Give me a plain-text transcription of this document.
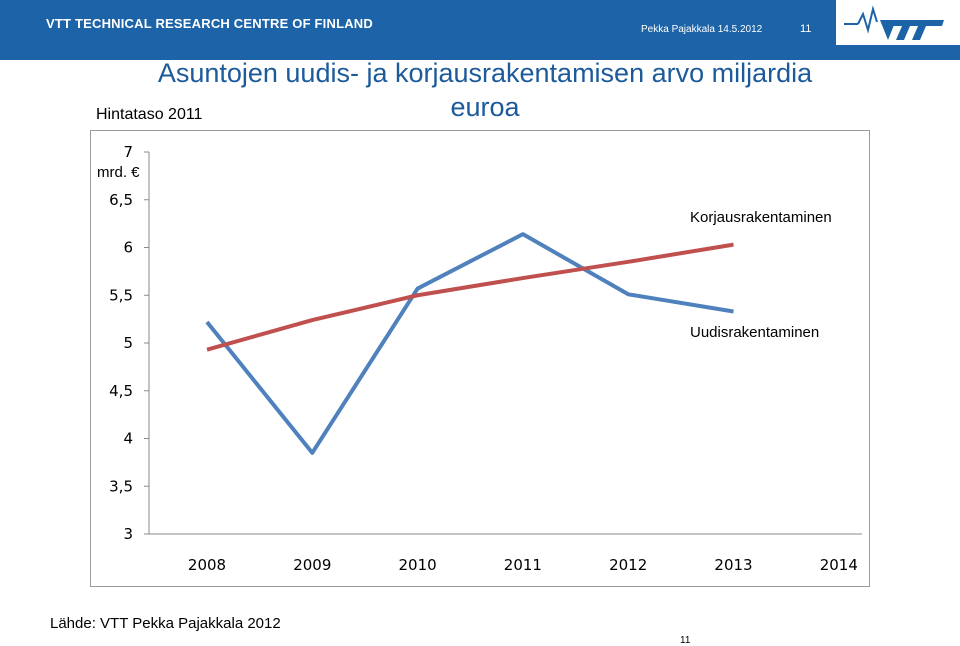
VTT TECHNICAL RESEARCH CENTRE OF FINLAND	Pekka Pajakkala 14.5.2012	11
Asuntojen uudis- ja korjausrakentamisen arvo miljardia euroa
Hintataso 2011
3
3,5
4
4,5
5
5,5
6
6,5
7
2008	2009	2010	2011	2012	2013	2014
mrd. €
Korjausrakentaminen
Uudisrakentaminen
Lähde: VTT Pekka Pajakkala 2012
11
